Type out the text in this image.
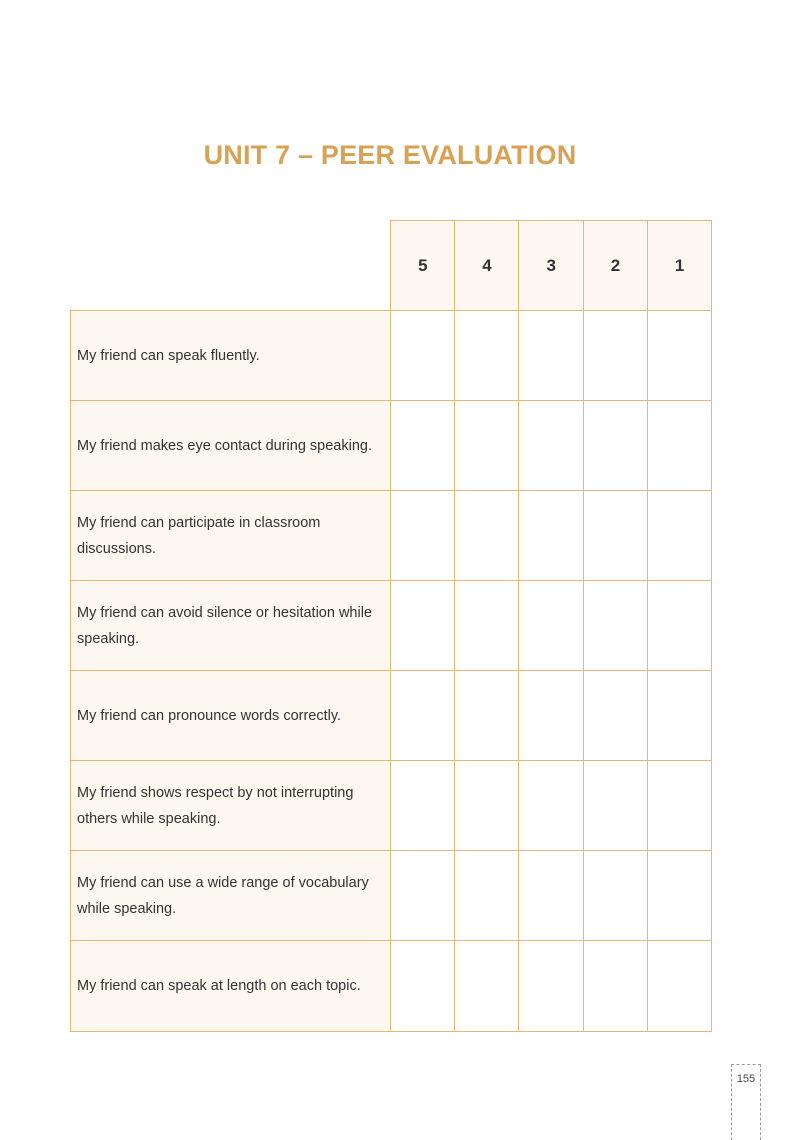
UNIT 7 – PEER EVALUATION
5	4	3	2	1
My friend can speak fluently.
My friend makes eye contact during speaking.
My friend can participate in classroom discussions.
My friend can avoid silence or hesitation while speaking.
My friend can pronounce words correctly.
My friend shows respect by not interrupting others while speaking.
My friend can use a wide range of vocabulary while speaking.
My friend can speak at length on each topic.
155
